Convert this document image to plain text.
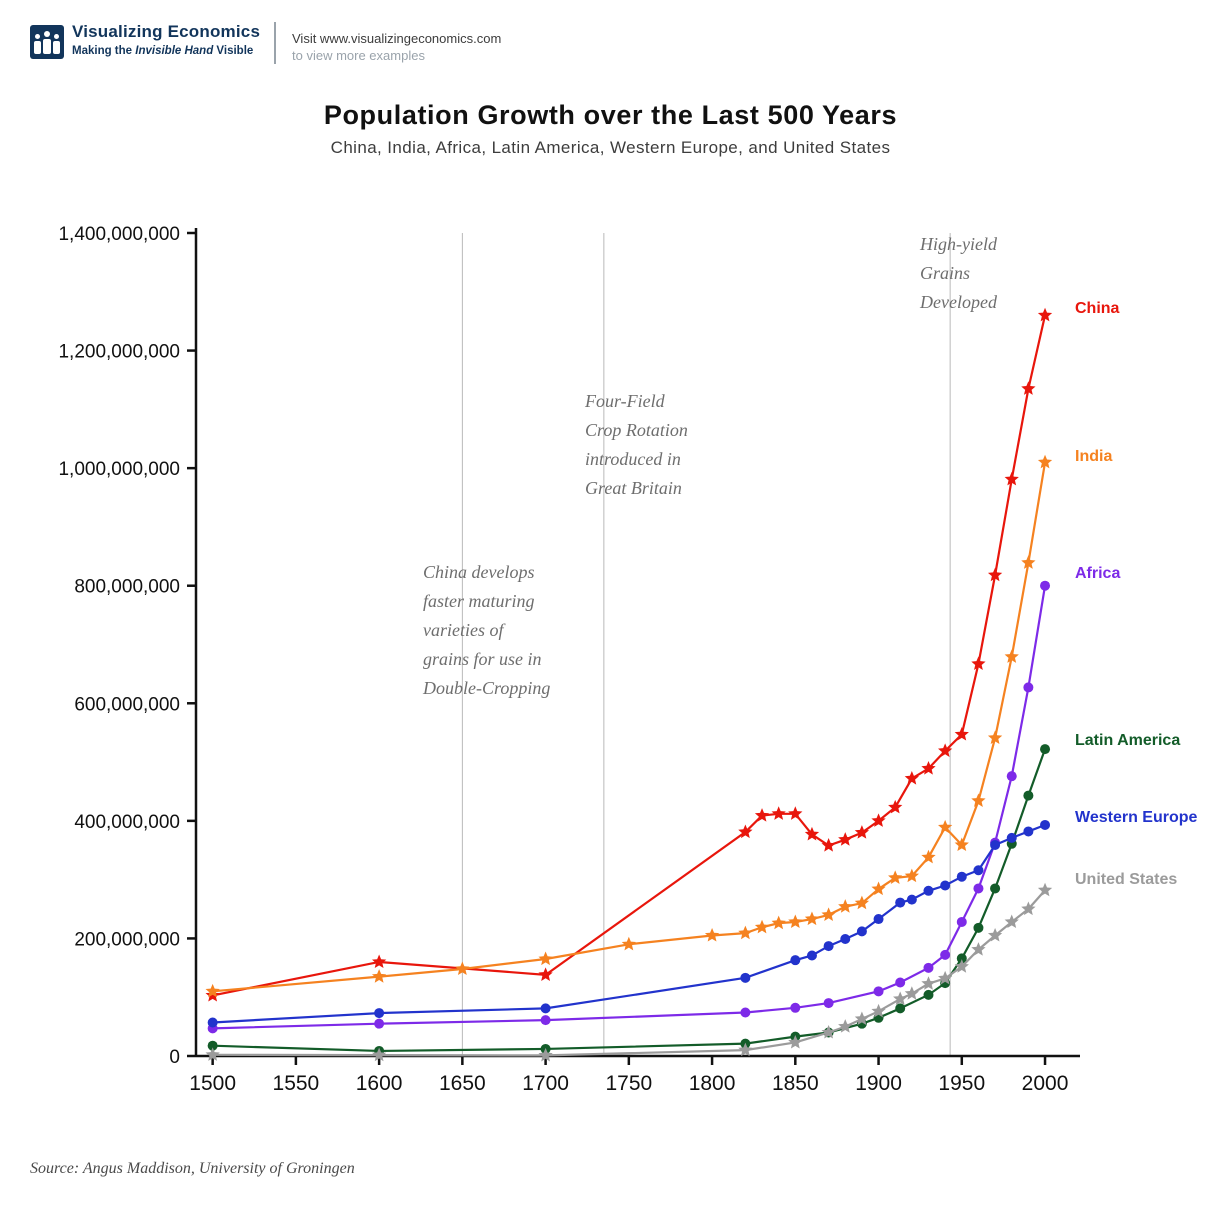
Visualizing Economics
Making the Invisible Hand Visible
Visit www.visualizingeconomics.com
to view more examples
Population Growth over the Last 500 Years
China, India, Africa, Latin America, Western Europe, and United States
0
200,000,000
400,000,000
600,000,000
800,000,000
1,000,000,000
1,200,000,000
1,400,000,000
1500 1550 1600 1650 1700 1750 1800 1850 1900 1950 2000
China
India
Africa
Latin America
Western Europe
United States
China develops
faster maturing
varieties of
grains for use in
Double-Cropping
Four-Field
Crop Rotation
introduced in
Great Britain
High-yield
Grains
Developed
Source: Angus Maddison, University of Groningen
